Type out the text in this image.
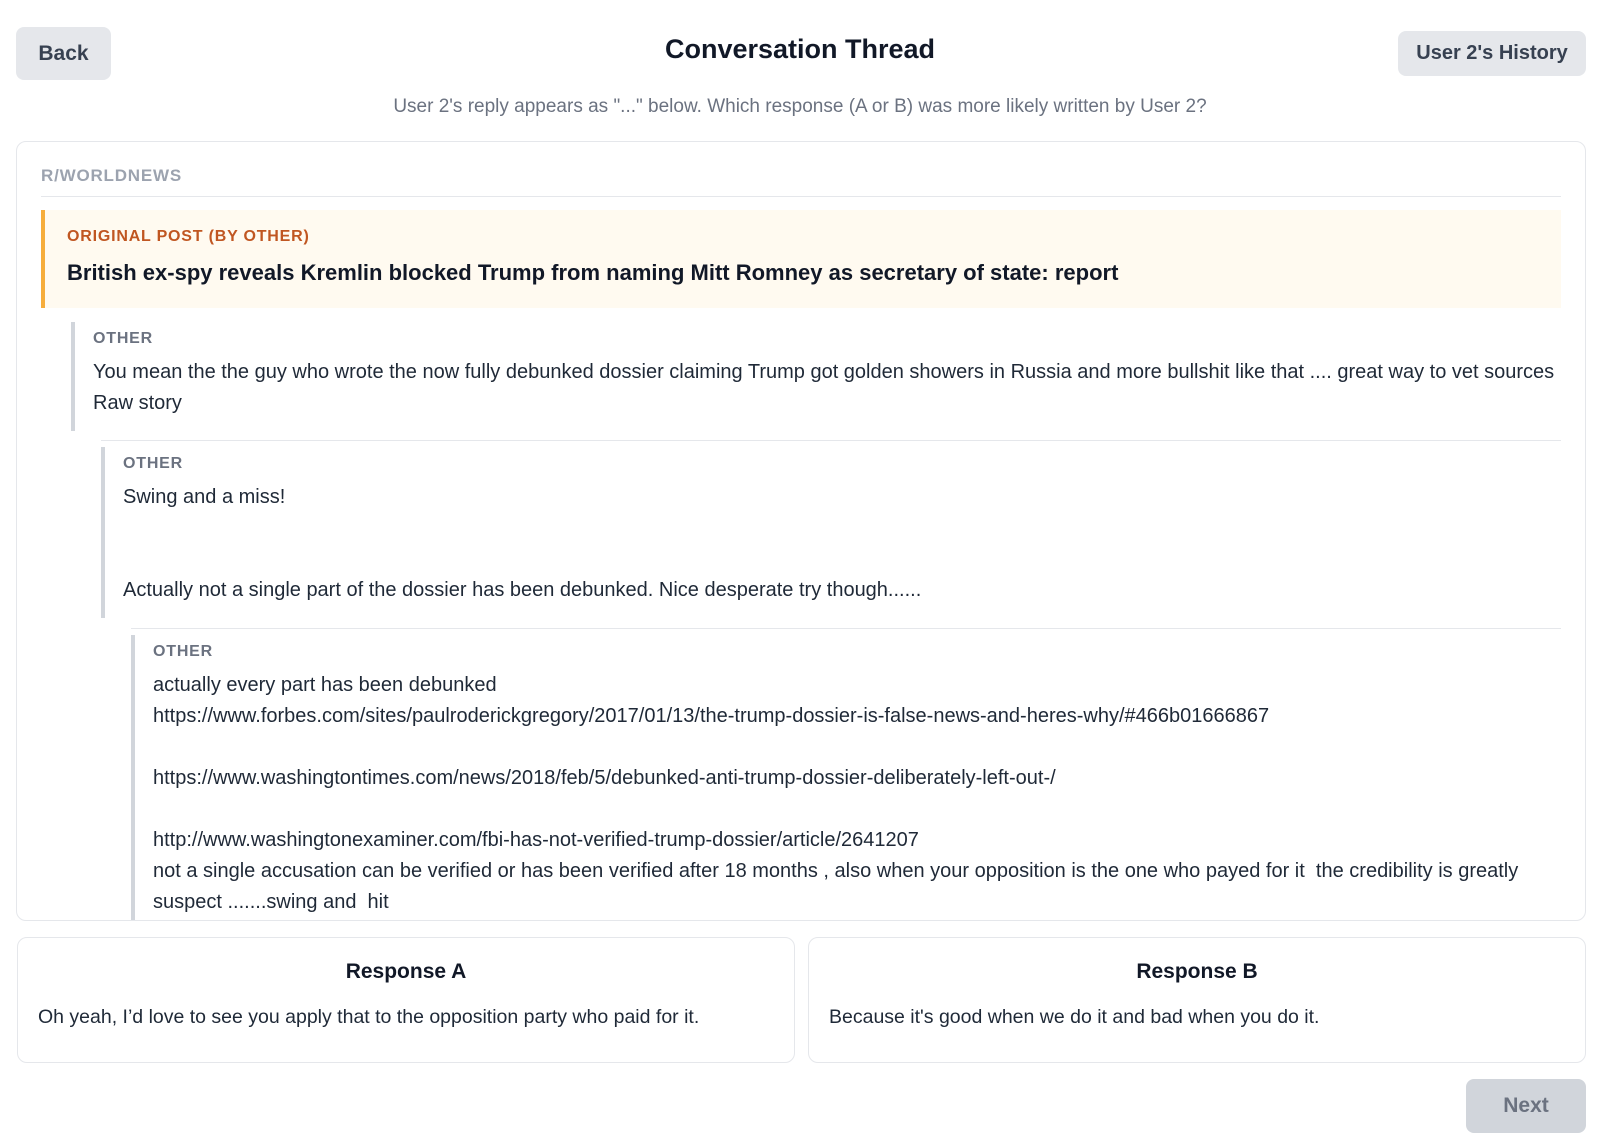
Back	Conversation Thread	User 2's History

User 2's reply appears as "..." below. Which response (A or B) was more likely written by User 2?

R/WORLDNEWS
ORIGINAL POST (BY OTHER)
British ex-spy reveals Kremlin blocked Trump from naming Mitt Romney as secretary of state: report
OTHER
You mean the the guy who wrote the now fully debunked dossier claiming Trump got golden showers in Russia and more bullshit like that .... great way to vet sources Raw story
OTHER
Swing and a miss!

Actually not a single part of the dossier has been debunked. Nice desperate try though......
OTHER
actually every part has been debunked
https://www.forbes.com/sites/paulroderickgregory/2017/01/13/the-trump-dossier-is-false-news-and-heres-why/#466b01666867

https://www.washingtontimes.com/news/2018/feb/5/debunked-anti-trump-dossier-deliberately-left-out-/

http://www.washingtonexaminer.com/fbi-has-not-verified-trump-dossier/article/2641207
not a single accusation can be verified or has been verified after 18 months , also when your opposition is the one who payed for it  the credibility is greatly suspect .......swing and  hit
Response A
Oh yeah, I’d love to see you apply that to the opposition party who paid for it.
Response B
Because it's good when we do it and bad when you do it.
Next
